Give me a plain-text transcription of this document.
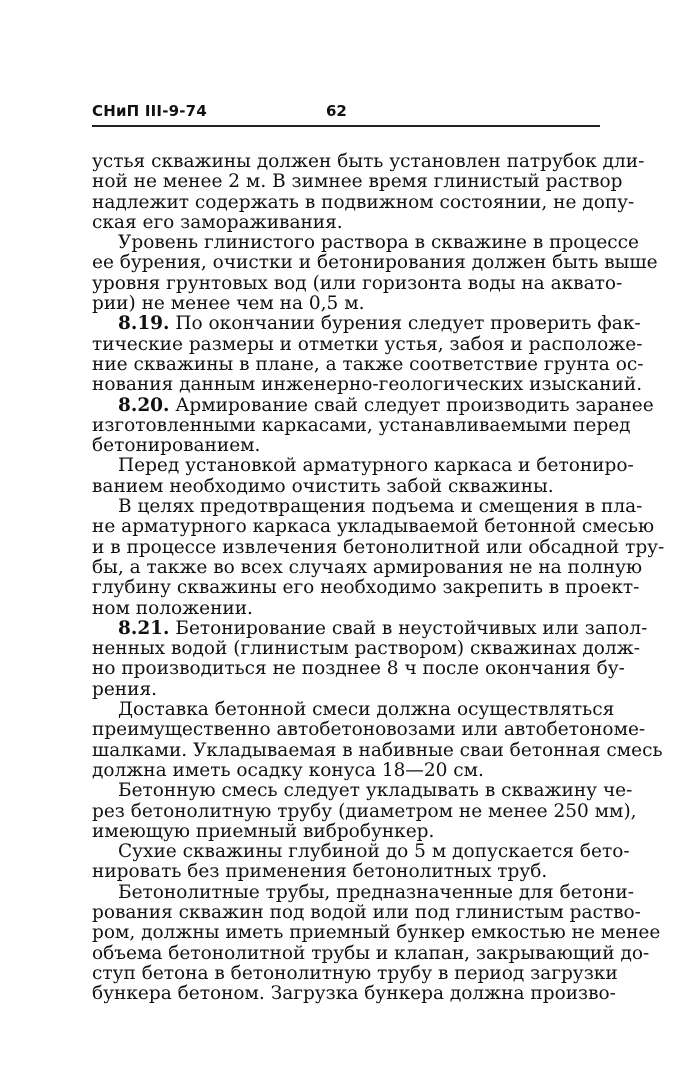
СНиП III-9-74	62
устья скважины должен быть установлен патрубок дли-
ной не менее 2 м. В зимнее время глинистый раствор
надлежит содержать в подвижном состоянии, не допу-
ская его замораживания.
Уровень глинистого раствора в скважине в процессе
ее бурения, очистки и бетонирования должен быть выше
уровня грунтовых вод (или горизонта воды на аквато-
рии) не менее чем на 0,5 м.
8.19. По окончании бурения следует проверить фак-
тические размеры и отметки устья, забоя и расположе-
ние скважины в плане, а также соответствие грунта ос-
нования данным инженерно-геологических изысканий.
8.20. Армирование свай следует производить заранее
изготовленными каркасами, устанавливаемыми перед
бетонированием.
Перед установкой арматурного каркаса и бетониро-
ванием необходимо очистить забой скважины.
В целях предотвращения подъема и смещения в пла-
не арматурного каркаса укладываемой бетонной смесью
и в процессе извлечения бетонолитной или обсадной тру-
бы, а также во всех случаях армирования не на полную
глубину скважины его необходимо закрепить в проект-
ном положении.
8.21. Бетонирование свай в неустойчивых или запол-
ненных водой (глинистым раствором) скважинах долж-
но производиться не позднее 8 ч после окончания бу-
рения.
Доставка бетонной смеси должна осуществляться
преимущественно автобетоновозами или автобетономе-
шалками. Укладываемая в набивные сваи бетонная смесь
должна иметь осадку конуса 18—20 см.
Бетонную смесь следует укладывать в скважину че-
рез бетонолитную трубу (диаметром не менее 250 мм),
имеющую приемный вибробункер.
Сухие скважины глубиной до 5 м допускается бето-
нировать без применения бетонолитных труб.
Бетонолитные трубы, предназначенные для бетони-
рования скважин под водой или под глинистым раство-
ром, должны иметь приемный бункер емкостью не менее
объема бетонолитной трубы и клапан, закрывающий до-
ступ бетона в бетонолитную трубу в период загрузки
бункера бетоном. Загрузка бункера должна произво-
